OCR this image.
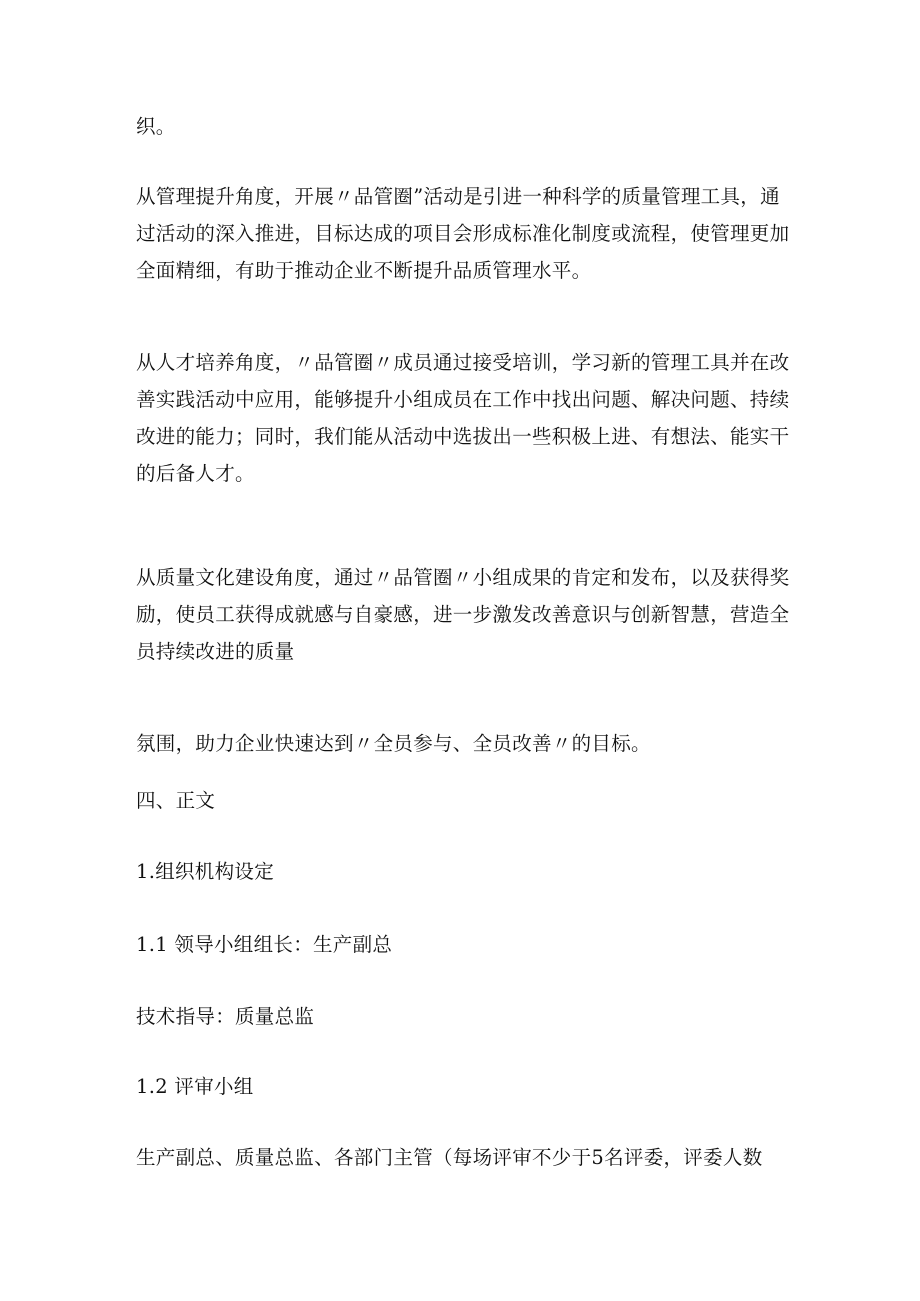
织。
从管理提升角度，开展〃品管圈”活动是引进一种科学的质量管理工具，通
过活动的深入推进，目标达成的项目会形成标准化制度或流程，使管理更加
全面精细，有助于推动企业不断提升品质管理水平。
从人才培养角度，〃品管圈〃成员通过接受培训，学习新的管理工具并在改
善实践活动中应用，能够提升小组成员在工作中找出问题、解决问题、持续
改进的能力；同时，我们能从活动中选拔出一些积极上进、有想法、能实干
的后备人才。
从质量文化建设角度，通过〃品管圈〃小组成果的肯定和发布，以及获得奖
励，使员工获得成就感与自豪感，进一步激发改善意识与创新智慧，营造全
员持续改进的质量
氛围，助力企业快速达到〃全员参与、全员改善〃的目标。
四、正文
1.组织机构设定
1.1 领导小组组长：生产副总
技术指导：质量总监
1.2 评审小组
生产副总、质量总监、各部门主管（每场评审不少于5名评委，评委人数
